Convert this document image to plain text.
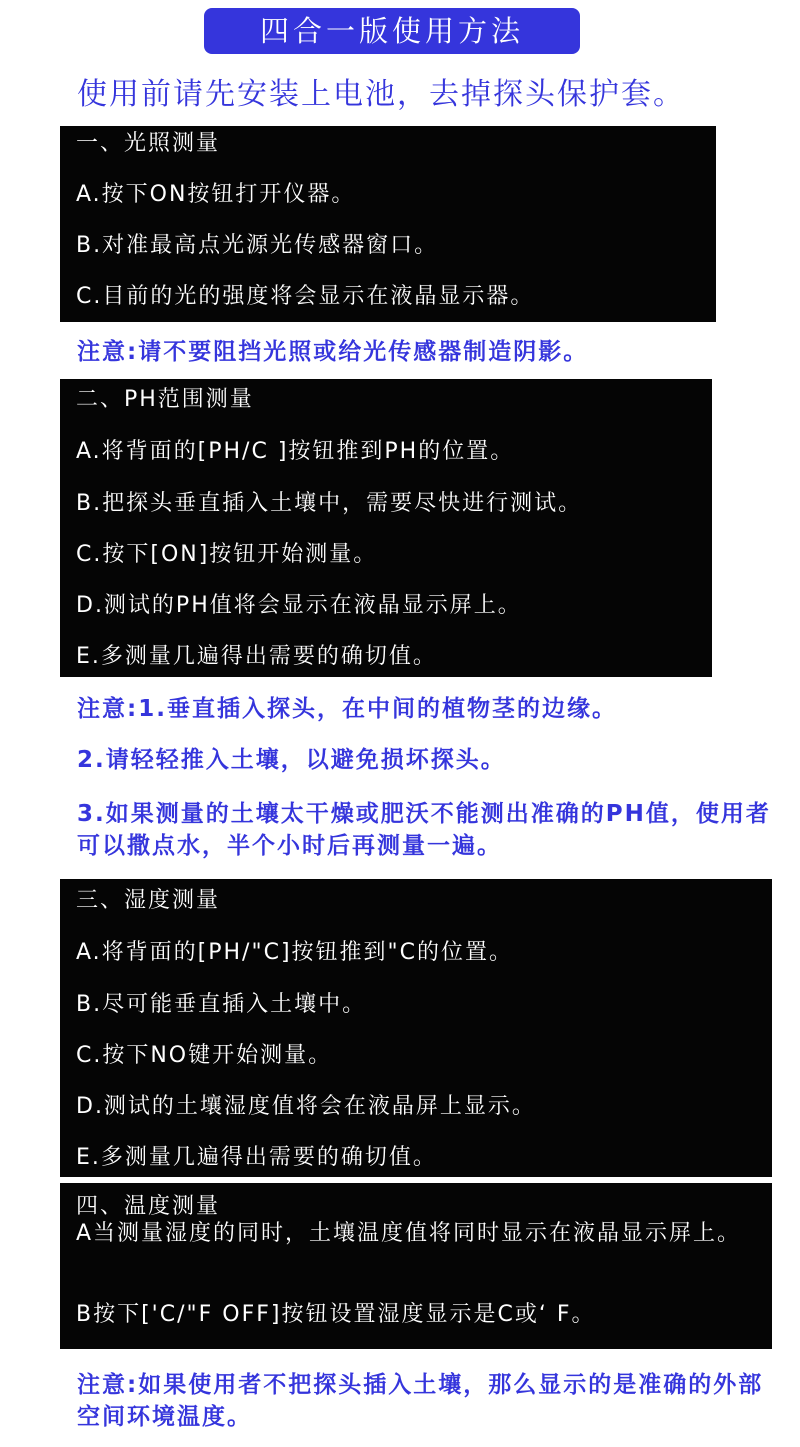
四合一版使用方法
使用前请先安装上电池，去掉探头保护套。
一、光照测量
A.按下ON按钮打开仪器。
B.对准最高点光源光传感器窗口。
C.目前的光的强度将会显示在液晶显示器。
注意:请不要阻挡光照或给光传感器制造阴影。
二、PH范围测量
A.将背面的[PH/C ]按钮推到PH的位置。
B.把探头垂直插入土壤中，需要尽快进行测试。
C.按下[ON]按钮开始测量。
D.测试的PH值将会显示在液晶显示屏上。
E.多测量几遍得出需要的确切值。
注意:1.垂直插入探头，在中间的植物茎的边缘。
2.请轻轻推入土壤，以避免损坏探头。
3.如果测量的土壤太干燥或肥沃不能测出准确的PH值，使用者可以撒点水，半个小时后再测量一遍。
三、湿度测量
A.将背面的[PH/"C]按钮推到"C的位置。
B.尽可能垂直插入土壤中。
C.按下NO键开始测量。
D.测试的土壤湿度值将会在液晶屏上显示。
E.多测量几遍得出需要的确切值。
四、温度测量
A当测量湿度的同时，土壤温度值将同时显示在液晶显示屏上。
B按下['C/"F OFF]按钮设置湿度显示是C或‘ F。
注意:如果使用者不把探头插入土壤，那么显示的是准确的外部空间环境温度。
